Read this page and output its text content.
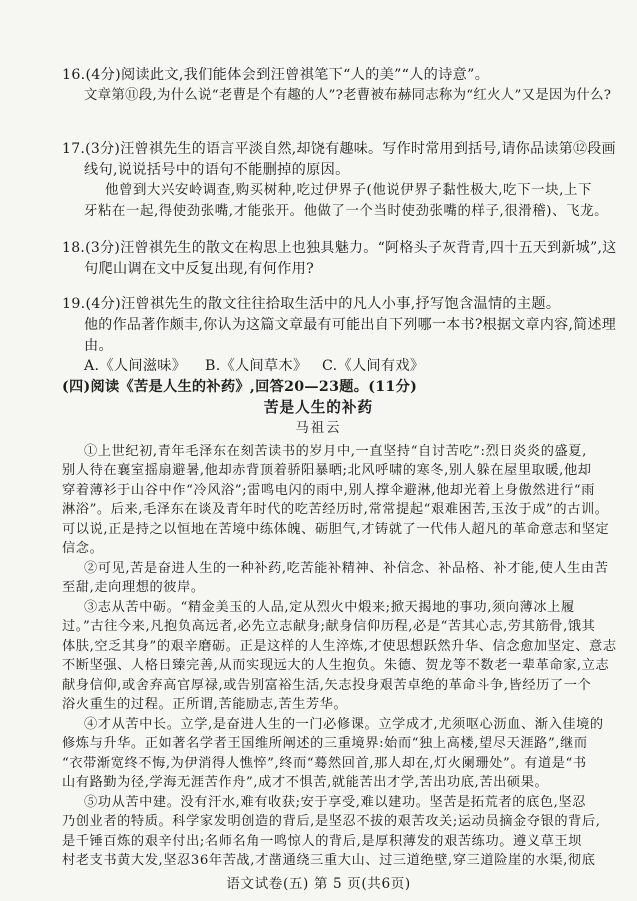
16.(4分)阅读此文,我们能体会到汪曾祺笔下“人的美”“人的诗意”。
文章第⑪段,为什么说“老曹是个有趣的人”?老曹被布赫同志称为“红火人”又是因为什么?
17.(3分)汪曾祺先生的语言平淡自然,却饶有趣味。写作时常用到括号,请你品读第⑫段画
线句,说说括号中的语句不能删掉的原因。
他曾到大兴安岭调查,购买树种,吃过伊界子(他说伊界子黏性极大,吃下一块,上下
牙粘在一起,得使劲张嘴,才能张开。他做了一个当时使劲张嘴的样子,很滑稽)、飞龙。
18.(3分)汪曾祺先生的散文在构思上也独具魅力。“阿格头子灰背青,四十五天到新城”,这
句爬山调在文中反复出现,有何作用?
19.(4分)汪曾祺先生的散文往往拾取生活中的凡人小事,抒写饱含温情的主题。
他的作品著作颇丰,你认为这篇文章最有可能出自下列哪一本书?根据文章内容,简述理
由。
A.《人间滋味》 B.《人间草木》 C.《人间有戏》
(四)阅读《苦是人生的补药》,回答20—23题。(11分)
苦是人生的补药
马祖云
①上世纪初,青年毛泽东在刻苦读书的岁月中,一直坚持“自讨苦吃”:烈日炎炎的盛夏,
别人待在襄室摇扇避暑,他却赤背顶着骄阳暴晒;北风呼啸的寒冬,别人躲在屋里取暖,他却
穿着薄衫于山谷中作“冷风浴”;雷鸣电闪的雨中,别人撑伞避淋,他却光着上身傲然进行“雨
淋浴”。后来,毛泽东在谈及青年时代的吃苦经历时,常常提起“艰难困苦,玉汝于成”的古训。
可以说,正是持之以恒地在苦境中练体魄、砺胆气,才铸就了一代伟人超凡的革命意志和坚定
信念。
②可见,苦是奋进人生的一种补药,吃苦能补精神、补信念、补品格、补才能,使人生由苦
至甜,走向理想的彼岸。
③志从苦中砺。“精金美玉的人品,定从烈火中煅来;掀天揭地的事功,须向薄冰上履
过。”古往今来,凡抱负高远者,必先立志献身;献身信仰历程,必是“苦其心志,劳其筋骨,饿其
体肤,空乏其身”的艰辛磨砺。正是这样的人生淬炼,才使思想跃然升华、信念愈加坚定、意志
不断坚强、人格日臻完善,从而实现远大的人生抱负。朱德、贺龙等不数老一辈革命家,立志
献身信仰,或舍弃高官厚禄,或告别富裕生活,矢志投身艰苦卓绝的革命斗争,皆经历了一个
浴火重生的过程。正所谓,苦能励志,苦生芳华。
④才从苦中长。立学,是奋进人生的一门必修课。立学成才,尤须呕心沥血、渐入佳境的
修炼与升华。正如著名学者王国维所阐述的三重境界:始而“独上高楼,望尽天涯路”,继而
“衣带渐宽终不悔,为伊消得人憔悴”,终而“蓦然回首,那人却在,灯火阑珊处”。有道是“书
山有路勤为径,学海无涯苦作舟”,成才不惧苦,就能苦出才学,苦出功底,苦出硕果。
⑤功从苦中建。没有汗水,难有收获;安于享受,难以建功。坚苦是拓荒者的底色,坚忍
乃创业者的特质。科学家发明创造的背后,是坚忍不拔的艰苦攻关;运动员摘金夺银的背后,
是千锤百炼的艰辛付出;名师名角一鸣惊人的背后,是厚积薄发的艰苦练功。遵义草王坝
村老支书黄大发,坚忍36年苦战,才凿通绕三重大山、过三道绝壁,穿三道险崖的水渠,彻底
语文试卷(五) 第 5 页(共6页)
